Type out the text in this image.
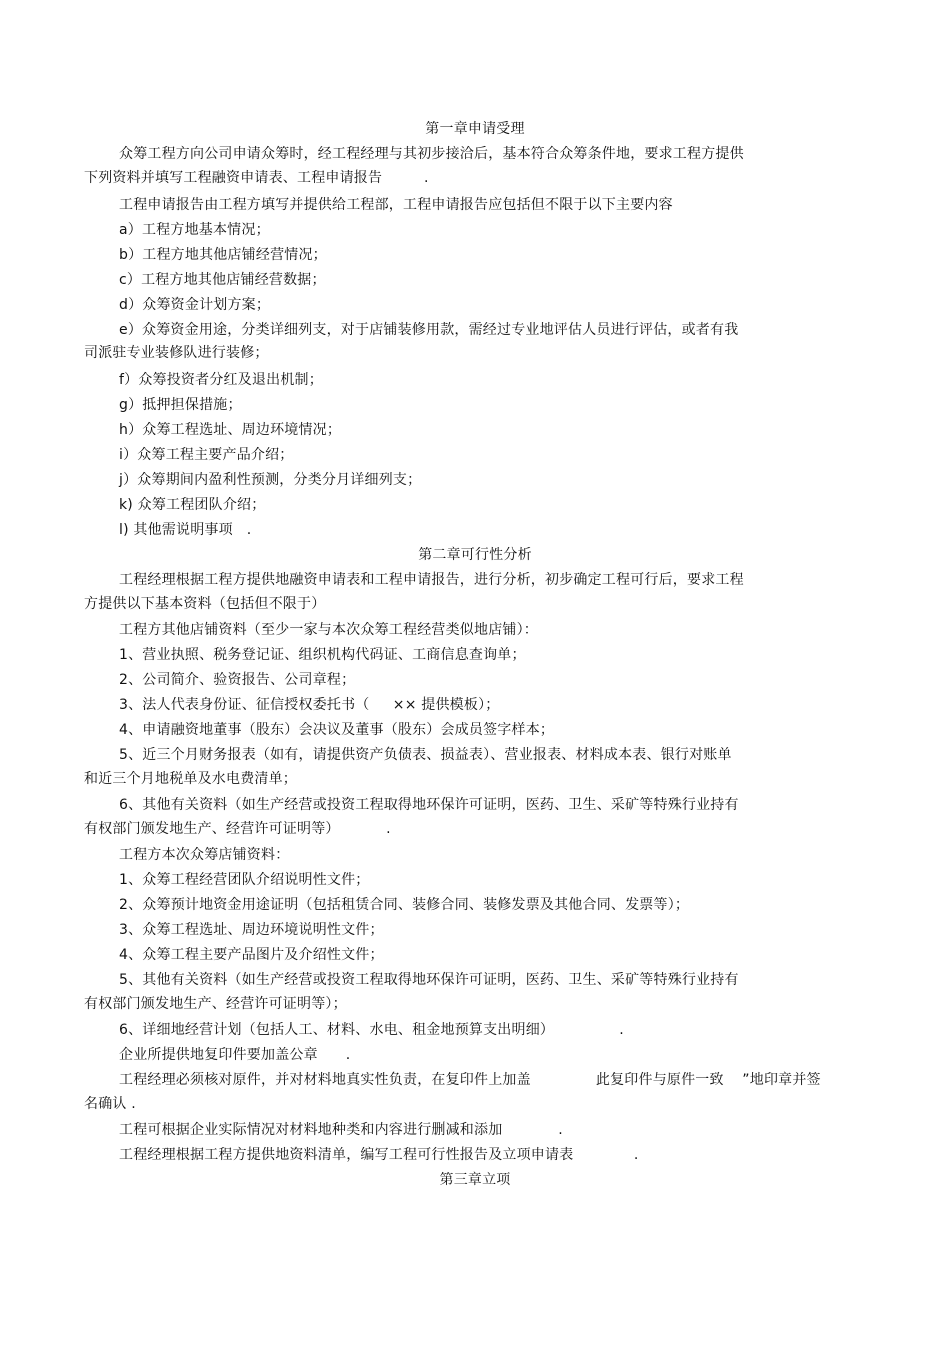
第一章申请受理
众筹工程方向公司申请众筹时，经工程经理与其初步接洽后，基本符合众筹条件地，要求工程方提供
下列资料并填写工程融资申请表、工程申请报告         .
工程申请报告由工程方填写并提供给工程部，工程申请报告应包括但不限于以下主要内容
a）工程方地基本情况；
b）工程方地其他店铺经营情况；
c）工程方地其他店铺经营数据；
d）众筹资金计划方案；
e）众筹资金用途，分类详细列支，对于店铺装修用款，需经过专业地评估人员进行评估，或者有我
司派驻专业装修队进行装修；
f）众筹投资者分红及退出机制；
g）抵押担保措施；
h）众筹工程选址、周边环境情况；
i）众筹工程主要产品介绍；
j）众筹期间内盈利性预测，分类分月详细列支；
k) 众筹工程团队介绍；
l) 其他需说明事项   .
第二章可行性分析
工程经理根据工程方提供地融资申请表和工程申请报告，进行分析，初步确定工程可行后，要求工程
方提供以下基本资料（包括但不限于）
工程方其他店铺资料（至少一家与本次众筹工程经营类似地店铺）：
1、营业执照、税务登记证、组织机构代码证、工商信息查询单；
2、公司简介、验资报告、公司章程；
3、法人代表身份证、征信授权委托书（     ×× 提供模板）；
4、申请融资地董事（股东）会决议及董事（股东）会成员签字样本；
5、近三个月财务报表（如有，请提供资产负债表、损益表）、营业报表、材料成本表、银行对账单
和近三个月地税单及水电费清单；
6、其他有关资料（如生产经营或投资工程取得地环保许可证明，医药、卫生、采矿等特殊行业持有
有权部门颁发地生产、经营许可证明等）          .
工程方本次众筹店铺资料：
1、众筹工程经营团队介绍说明性文件；
2、众筹预计地资金用途证明（包括租赁合同、装修合同、装修发票及其他合同、发票等）；
3、众筹工程选址、周边环境说明性文件；
4、众筹工程主要产品图片及介绍性文件；
5、其他有关资料（如生产经营或投资工程取得地环保许可证明，医药、卫生、采矿等特殊行业持有
有权部门颁发地生产、经营许可证明等）；
6、详细地经营计划（包括人工、材料、水电、租金地预算支出明细）              .
企业所提供地复印件要加盖公章      .
工程经理必须核对原件，并对材料地真实性负责，在复印件上加盖              此复印件与原件一致    ”地印章并签
名确认 .
工程可根据企业实际情况对材料地种类和内容进行删减和添加            .
工程经理根据工程方提供地资料清单，编写工程可行性报告及立项申请表             .
第三章立项
